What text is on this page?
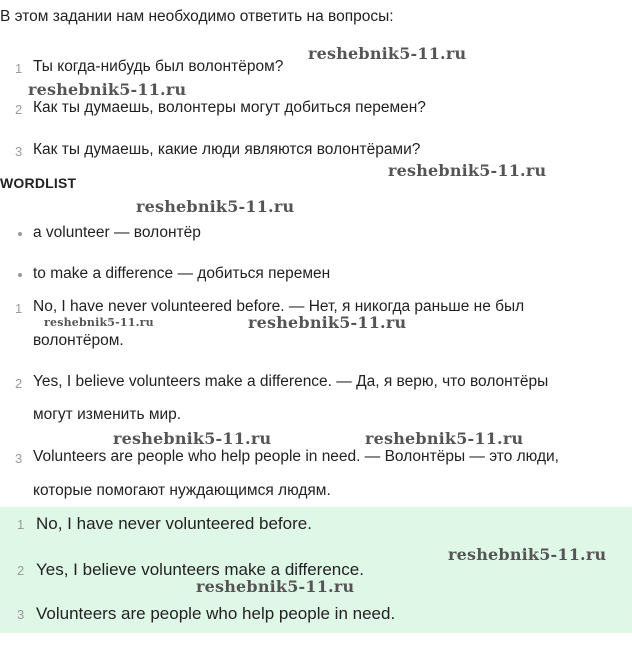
В этом задании нам необходимо ответить на вопросы:
1 Ты когда-нибудь был волонтёром?
2 Как ты думаешь, волонтеры могут добиться перемен?
3 Как ты думаешь, какие люди являются волонтёрами?
WORDLIST
a volunteer — волонтёр
to make a difference — добиться перемен
1 No, I have never volunteered before. — Нет, я никогда раньше не был
волонтёром.
2 Yes, I believe volunteers make a difference. — Да, я верю, что волонтёры
могут изменить мир.
3 Volunteers are people who help people in need. — Волонтёры — это люди,
которые помогают нуждающимся людям.
1 No, I have never volunteered before.
2 Yes, I believe volunteers make a difference.
3 Volunteers are people who help people in need.
reshebnik5-11.ru
reshebnik5-11.ru
reshebnik5-11.ru
reshebnik5-11.ru
reshebnik5-11.ru	reshebnik5-11.ru
reshebnik5-11.ru	reshebnik5-11.ru
reshebnik5-11.ru
reshebnik5-11.ru
